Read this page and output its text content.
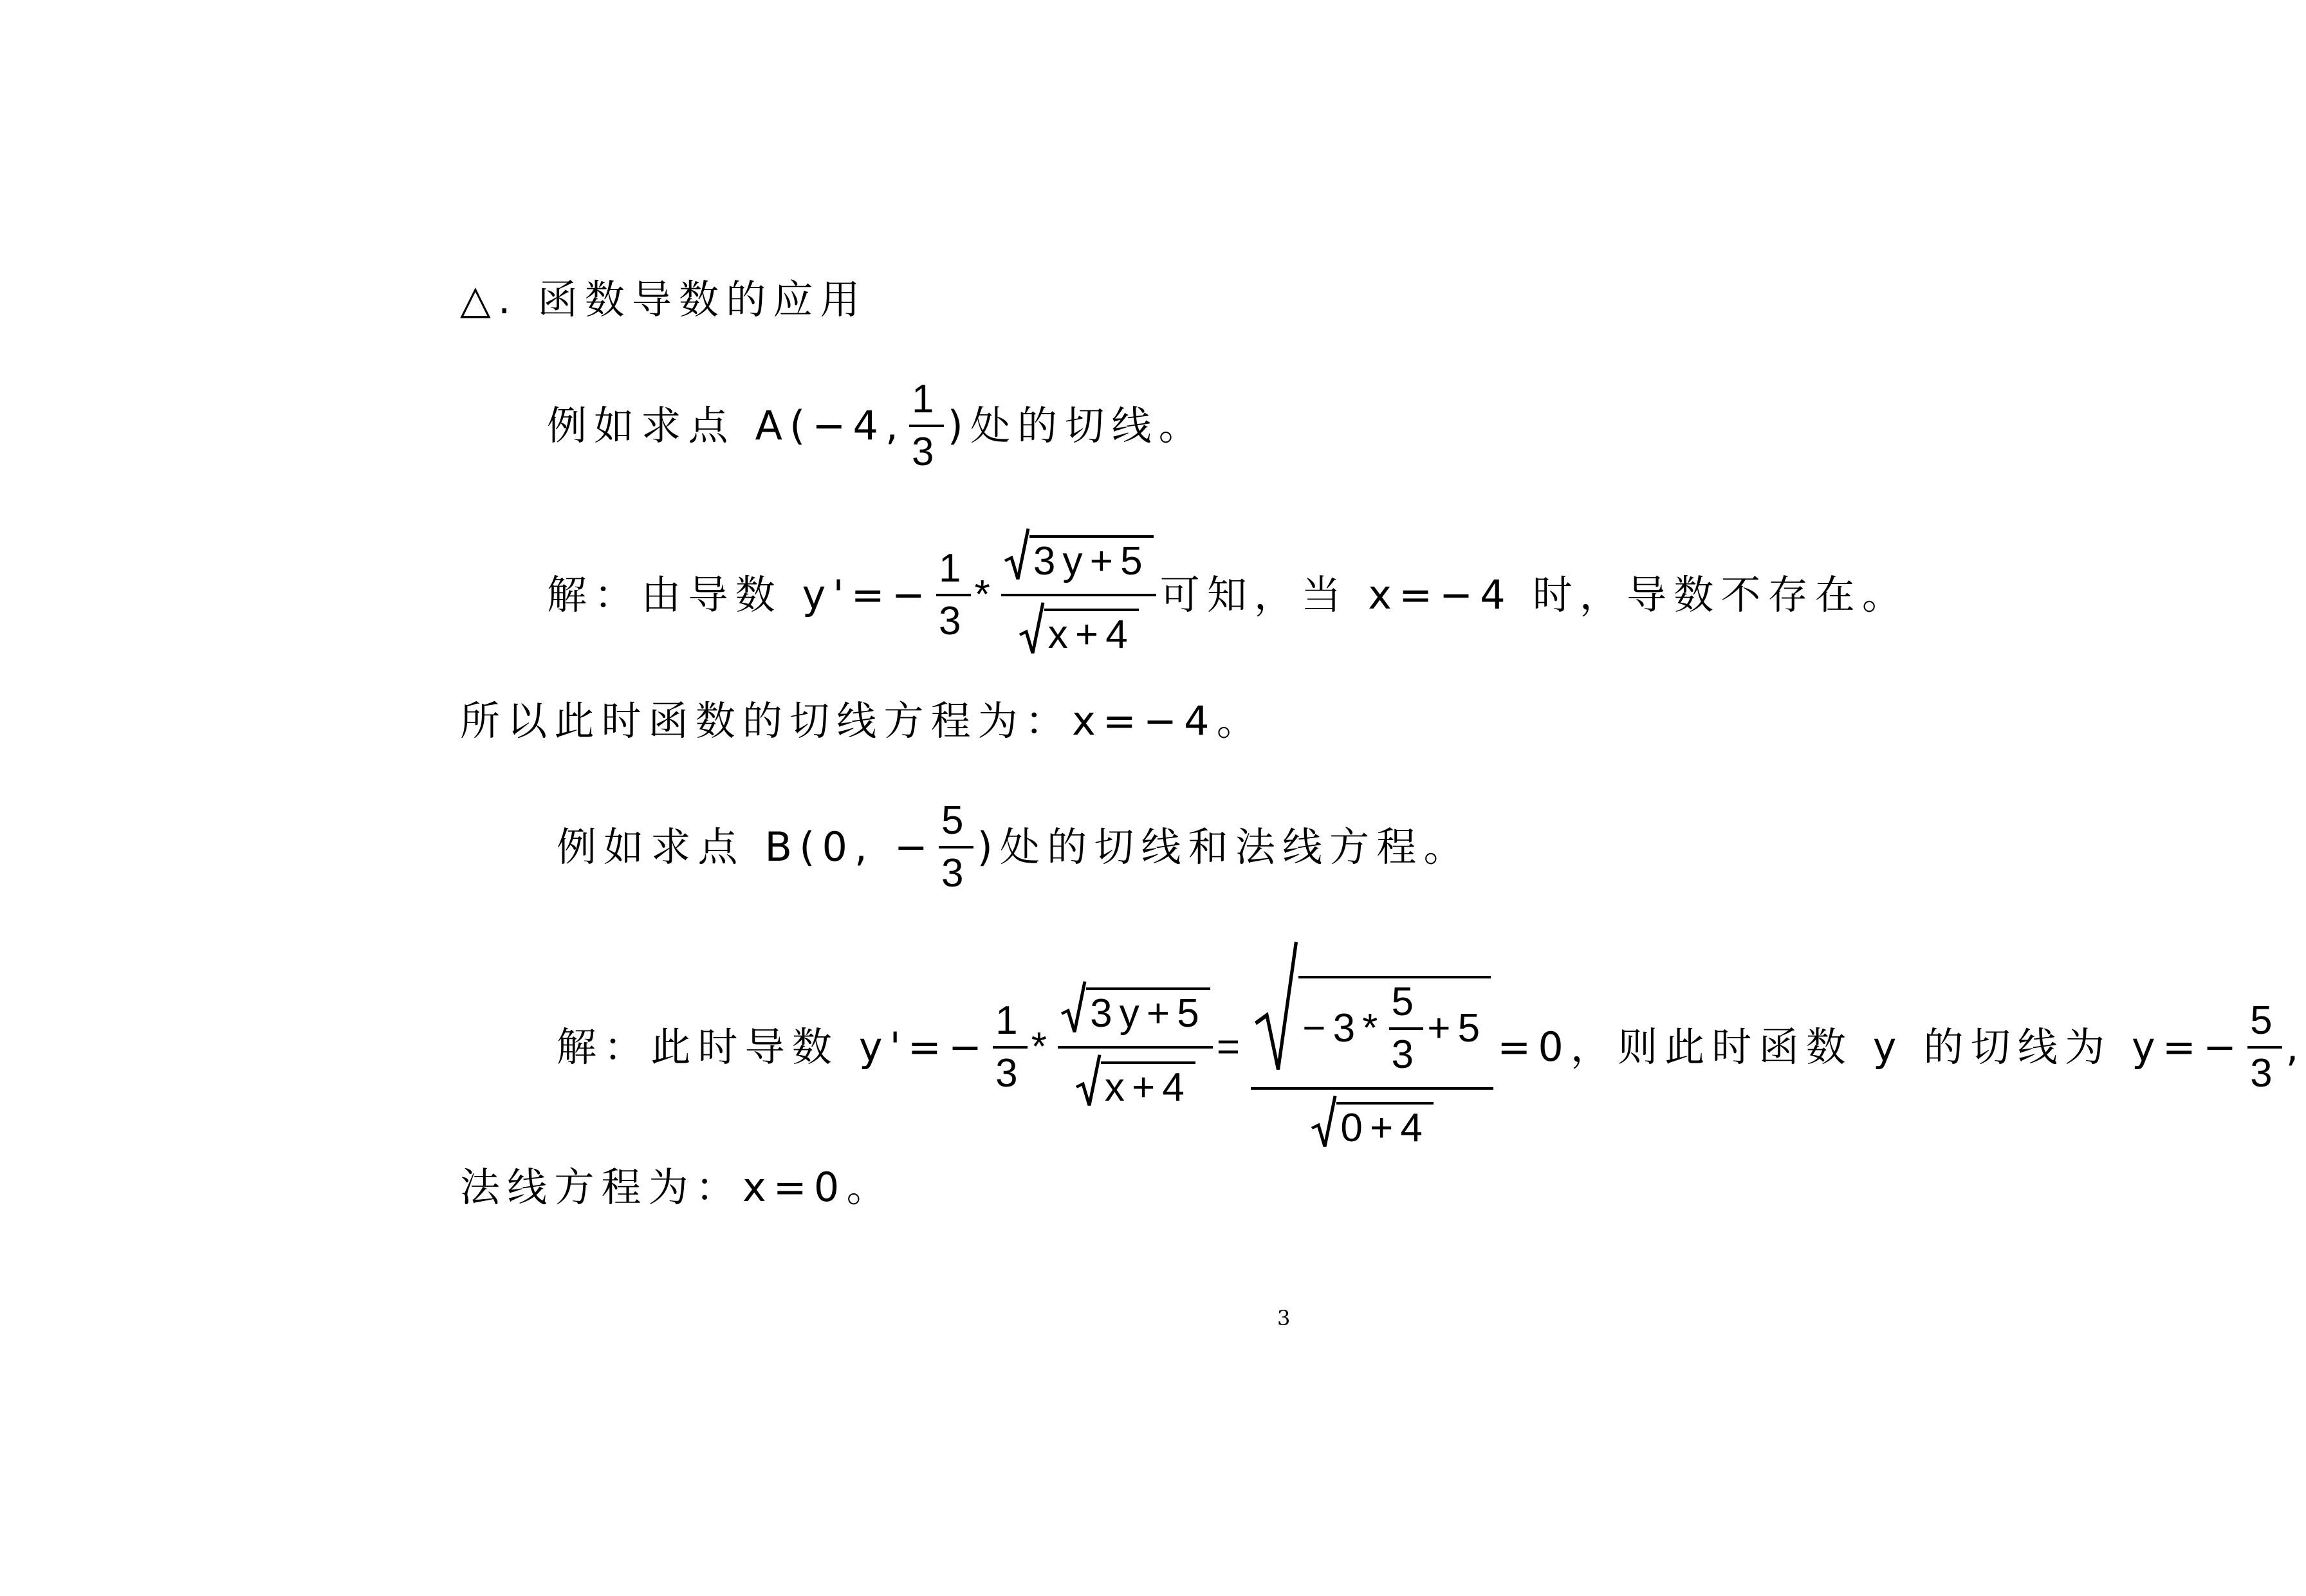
△. 函数导数的应用
例如求点 A(−4, $\frac{1}{3}$ )处的切线。
解：由导数 $y'=- \frac{1}{3} * \frac{3y+5}{x+4}$ 可知，当 x=−4 时，导数不存在。
所以此时函数的切线方程为：x=−4。
例如求点 B(0, − $\frac{5}{3}$ )处的切线和法线方程。
解：此时导数 $y'=- \frac{1}{3} * \frac{3y+5}{x+4} = -3* \frac{5}{3} +5$
0+4
=0，则此时函数 y 的切线为 $y=- \frac{5}{3}$ ,
法线方程为：x=0。
3
